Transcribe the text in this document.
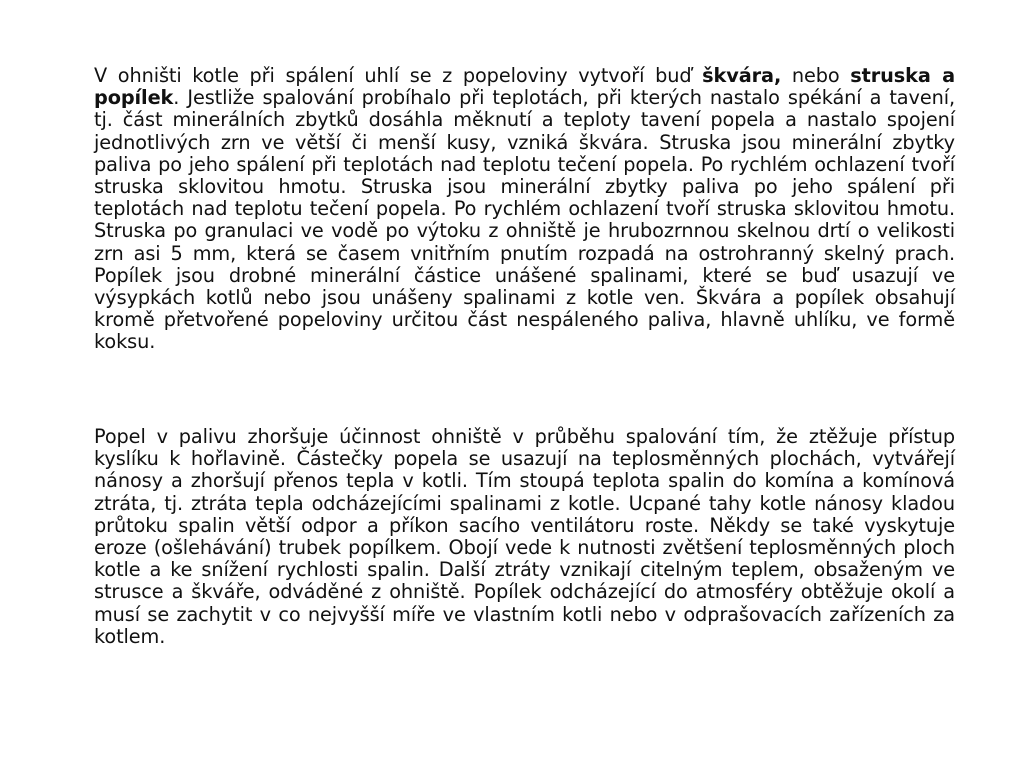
V ohništi kotle při spálení uhlí se z popeloviny vytvoří buď škvára, nebo struska a popílek. Jestliže spalování probíhalo při teplotách, při kterých nastalo spékání a tavení, tj. část minerálních zbytků dosáhla měknutí a teploty tavení popela a nastalo spojení jednotlivých zrn ve větší či menší kusy, vzniká škvára. Struska jsou minerální zbytky paliva po jeho spálení při teplotách nad teplotu tečení popela. Po rychlém ochlazení tvoří struska sklovitou hmotu. Struska jsou minerální zbytky paliva po jeho spálení při teplotách nad teplotu tečení popela. Po rychlém ochlazení tvoří struska sklovitou hmotu. Struska po granulaci ve vodě po výtoku z ohniště je hrubozrnnou skelnou drtí o velikosti zrn asi 5 mm, která se časem vnitřním pnutím rozpadá na ostrohranný skelný prach. Popílek jsou drobné minerální částice unášené spalinami, které se buď usazují ve výsypkách kotlů nebo jsou unášeny spalinami z kotle ven. Škvára a popílek obsahují kromě přetvořené popeloviny určitou část nespáleného paliva, hlavně uhlíku, ve formě koksu.

Popel v palivu zhoršuje účinnost ohniště v průběhu spalování tím, že ztěžuje přístup kyslíku k hořlavině. Částečky popela se usazují na teplosměnných plochách, vytvářejí nánosy a zhoršují přenos tepla v kotli. Tím stoupá teplota spalin do komína a komínová ztráta, tj. ztráta tepla odcházejícími spalinami z kotle. Ucpané tahy kotle nánosy kladou průtoku spalin větší odpor a příkon sacího ventilátoru roste. Někdy se také vyskytuje eroze (ošlehávání) trubek popílkem. Obojí vede k nutnosti zvětšení teplosměnných ploch kotle a ke snížení rychlosti spalin. Další ztráty vznikají citelným teplem, obsaženým ve strusce a škváře, odváděné z ohniště. Popílek odcházející do atmosféry obtěžuje okolí a musí se zachytit v co nejvyšší míře ve vlastním kotli nebo v odprašovacích zařízeních za kotlem.
